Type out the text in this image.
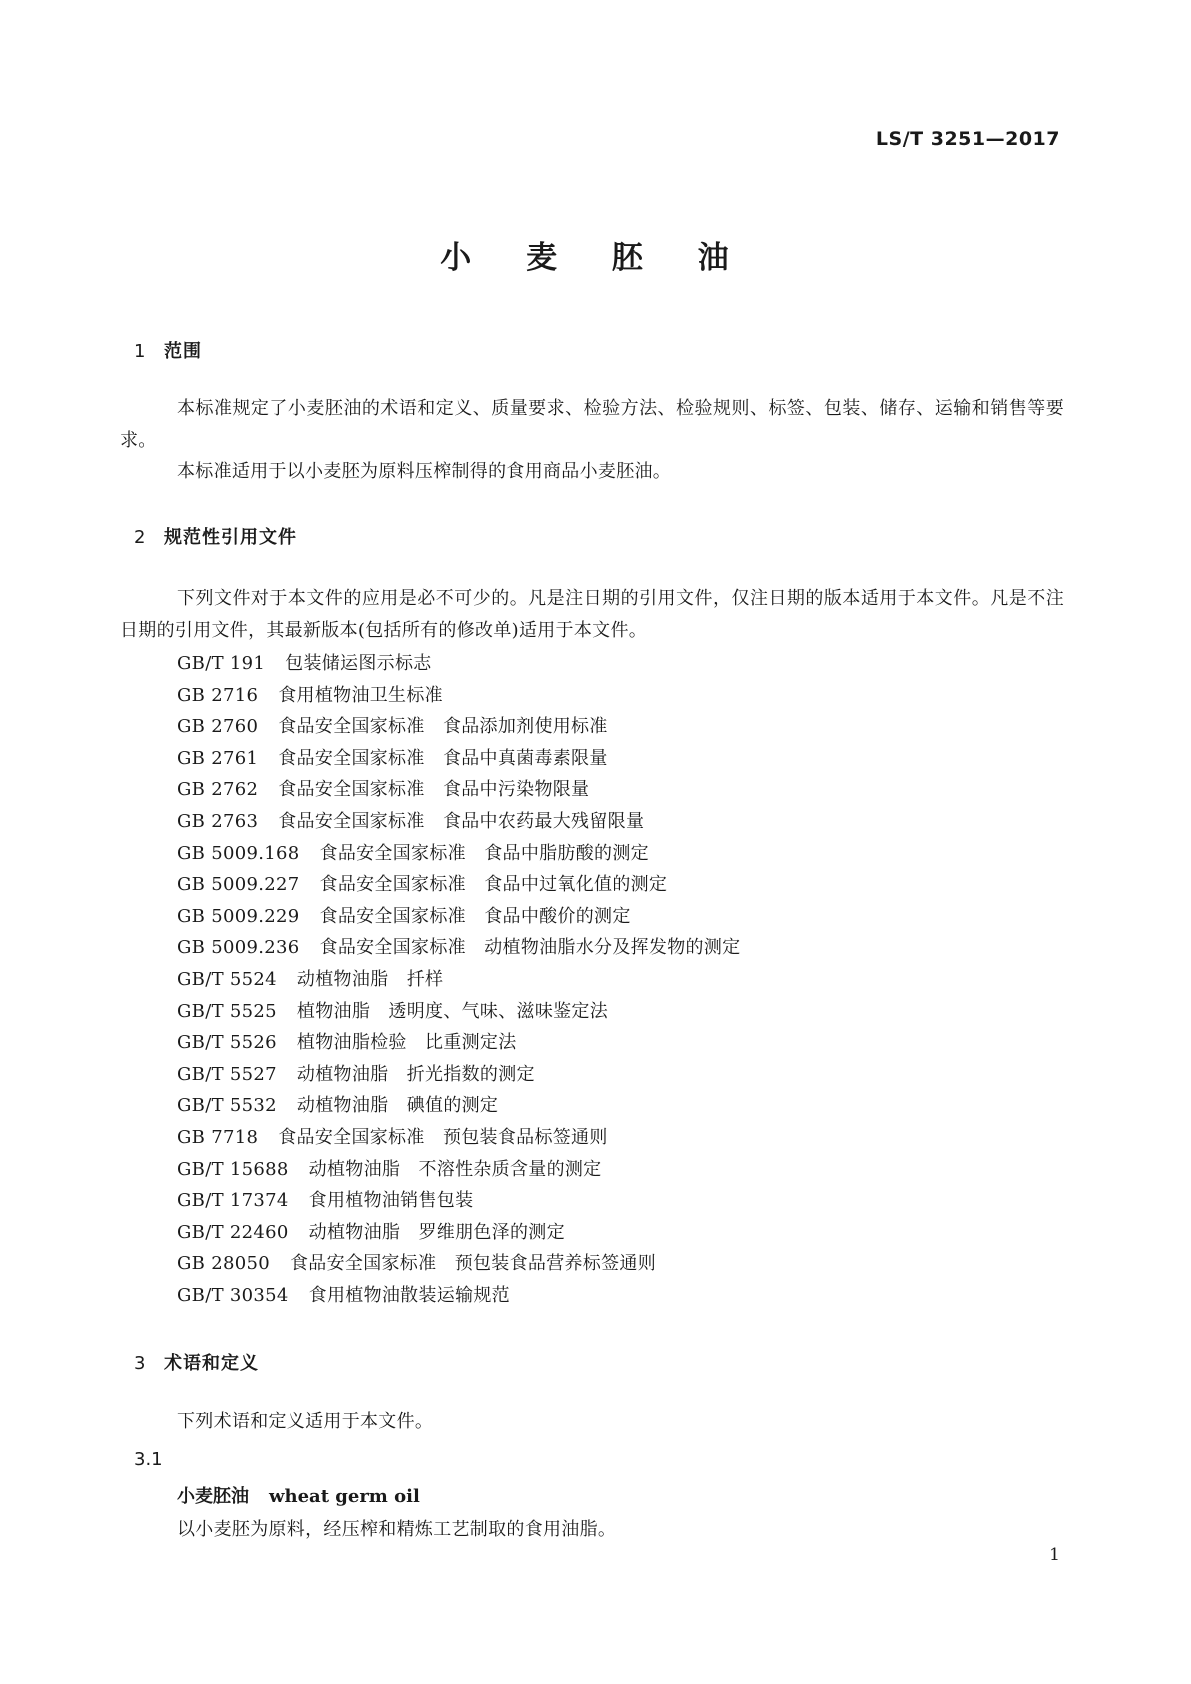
LS/T 3251—2017
小 麦 胚 油
1 范围
本标准规定了小麦胚油的术语和定义、质量要求、检验方法、检验规则、标签、包装、储存、运输和销售等要求。
本标准适用于以小麦胚为原料压榨制得的食用商品小麦胚油。
2 规范性引用文件
下列文件对于本文件的应用是必不可少的。凡是注日期的引用文件，仅注日期的版本适用于本文件。凡是不注日期的引用文件，其最新版本(包括所有的修改单)适用于本文件。
GB/T 191 包装储运图示标志
GB 2716 食用植物油卫生标准
GB 2760 食品安全国家标准　食品添加剂使用标准
GB 2761 食品安全国家标准　食品中真菌毒素限量
GB 2762 食品安全国家标准　食品中污染物限量
GB 2763 食品安全国家标准　食品中农药最大残留限量
GB 5009.168 食品安全国家标准　食品中脂肪酸的测定
GB 5009.227 食品安全国家标准　食品中过氧化值的测定
GB 5009.229 食品安全国家标准　食品中酸价的测定
GB 5009.236 食品安全国家标准　动植物油脂水分及挥发物的测定
GB/T 5524 动植物油脂　扦样
GB/T 5525 植物油脂　透明度、气味、滋味鉴定法
GB/T 5526 植物油脂检验　比重测定法
GB/T 5527 动植物油脂　折光指数的测定
GB/T 5532 动植物油脂　碘值的测定
GB 7718 食品安全国家标准　预包装食品标签通则
GB/T 15688 动植物油脂　不溶性杂质含量的测定
GB/T 17374 食用植物油销售包装
GB/T 22460 动植物油脂　罗维朋色泽的测定
GB 28050 食品安全国家标准　预包装食品营养标签通则
GB/T 30354 食用植物油散装运输规范
3 术语和定义
下列术语和定义适用于本文件。
3.1
小麦胚油 wheat germ oil
以小麦胚为原料，经压榨和精炼工艺制取的食用油脂。
1
